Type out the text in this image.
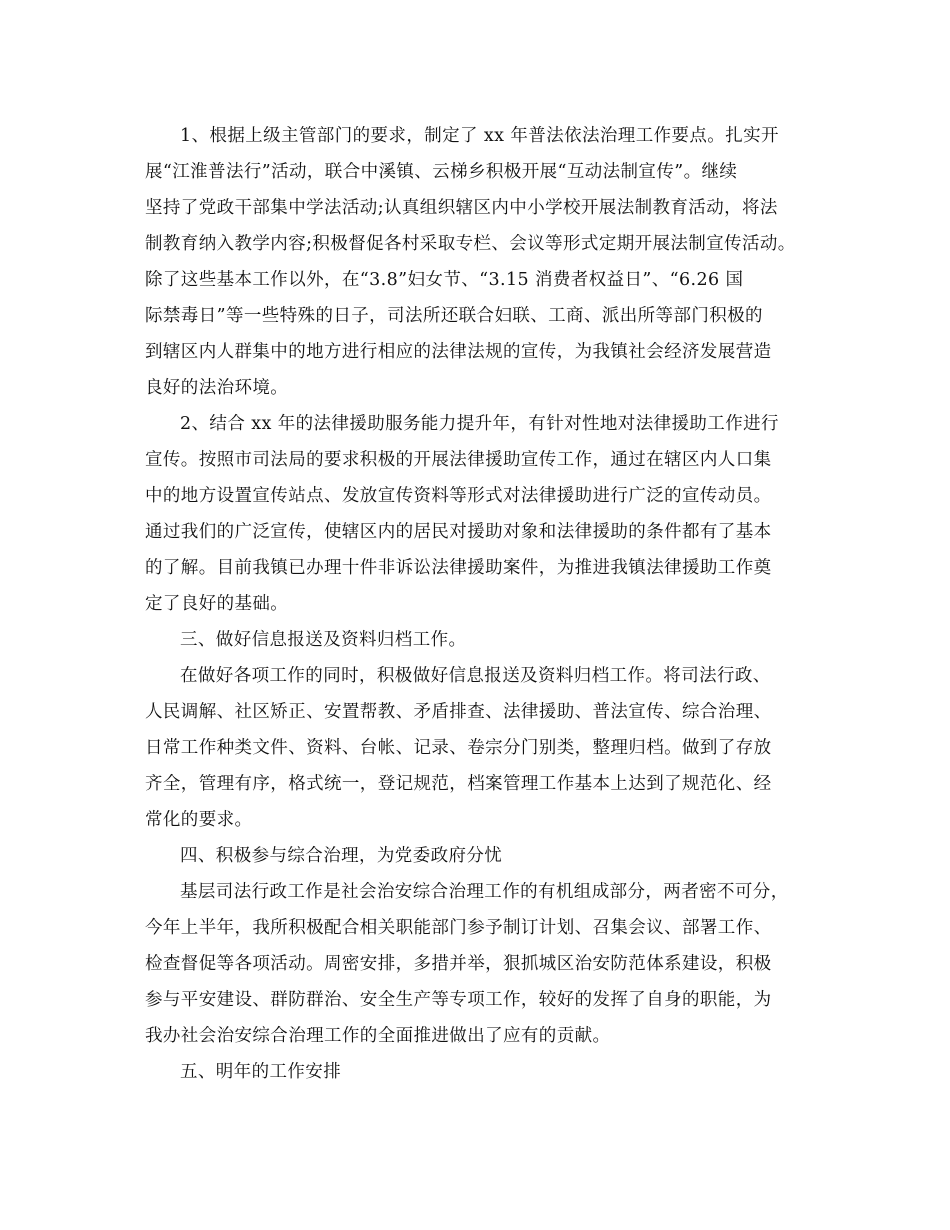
1、根据上级主管部门的要求，制定了 xx 年普法依法治理工作要点。扎实开
展“江淮普法行”活动，联合中溪镇、云梯乡积极开展“互动法制宣传”。继续
坚持了党政干部集中学法活动;认真组织辖区内中小学校开展法制教育活动，将法
制教育纳入教学内容;积极督促各村采取专栏、会议等形式定期开展法制宣传活动。
除了这些基本工作以外，在“3.8”妇女节、“3.15 消费者权益日”、“6.26 国
际禁毒日”等一些特殊的日子，司法所还联合妇联、工商、派出所等部门积极的
到辖区内人群集中的地方进行相应的法律法规的宣传，为我镇社会经济发展营造
良好的法治环境。
2、结合 xx 年的法律援助服务能力提升年，有针对性地对法律援助工作进行
宣传。按照市司法局的要求积极的开展法律援助宣传工作，通过在辖区内人口集
中的地方设置宣传站点、发放宣传资料等形式对法律援助进行广泛的宣传动员。
通过我们的广泛宣传，使辖区内的居民对援助对象和法律援助的条件都有了基本
的了解。目前我镇已办理十件非诉讼法律援助案件，为推进我镇法律援助工作奠
定了良好的基础。
三、做好信息报送及资料归档工作。
在做好各项工作的同时，积极做好信息报送及资料归档工作。将司法行政、
人民调解、社区矫正、安置帮教、矛盾排查、法律援助、普法宣传、综合治理、
日常工作种类文件、资料、台帐、记录、卷宗分门别类，整理归档。做到了存放
齐全，管理有序，格式统一，登记规范，档案管理工作基本上达到了规范化、经
常化的要求。
四、积极参与综合治理，为党委政府分忧
基层司法行政工作是社会治安综合治理工作的有机组成部分，两者密不可分，
今年上半年，我所积极配合相关职能部门参予制订计划、召集会议、部署工作、
检查督促等各项活动。周密安排，多措并举，狠抓城区治安防范体系建设，积极
参与平安建设、群防群治、安全生产等专项工作，较好的发挥了自身的职能，为
我办社会治安综合治理工作的全面推进做出了应有的贡献。
五、明年的工作安排
